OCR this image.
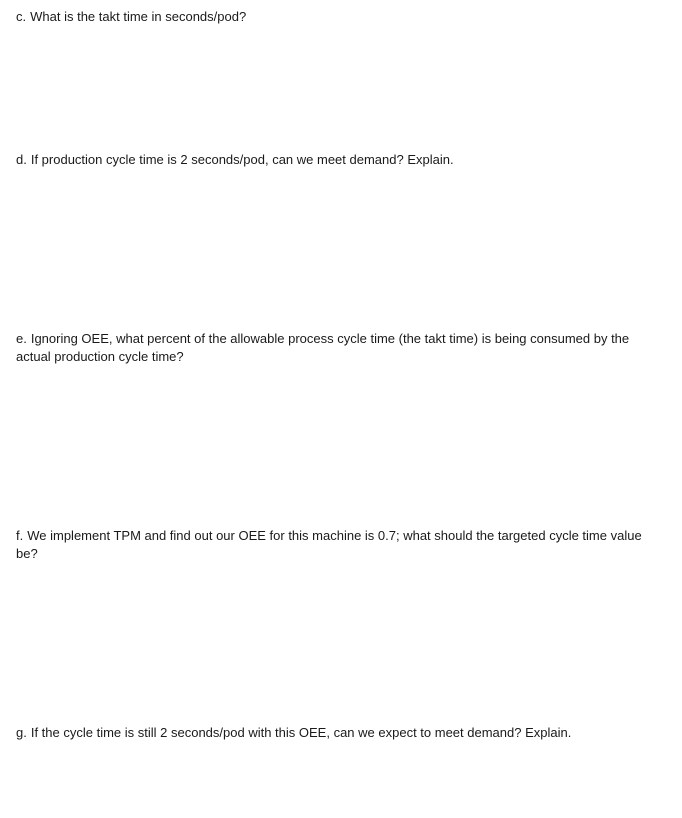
c. What is the takt time in seconds/pod?

d. If production cycle time is 2 seconds/pod, can we meet demand? Explain.

e. Ignoring OEE, what percent of the allowable process cycle time (the takt time) is being consumed by the actual production cycle time?

f. We implement TPM and find out our OEE for this machine is 0.7; what should the targeted cycle time value be?

g. If the cycle time is still 2 seconds/pod with this OEE, can we expect to meet demand? Explain.
